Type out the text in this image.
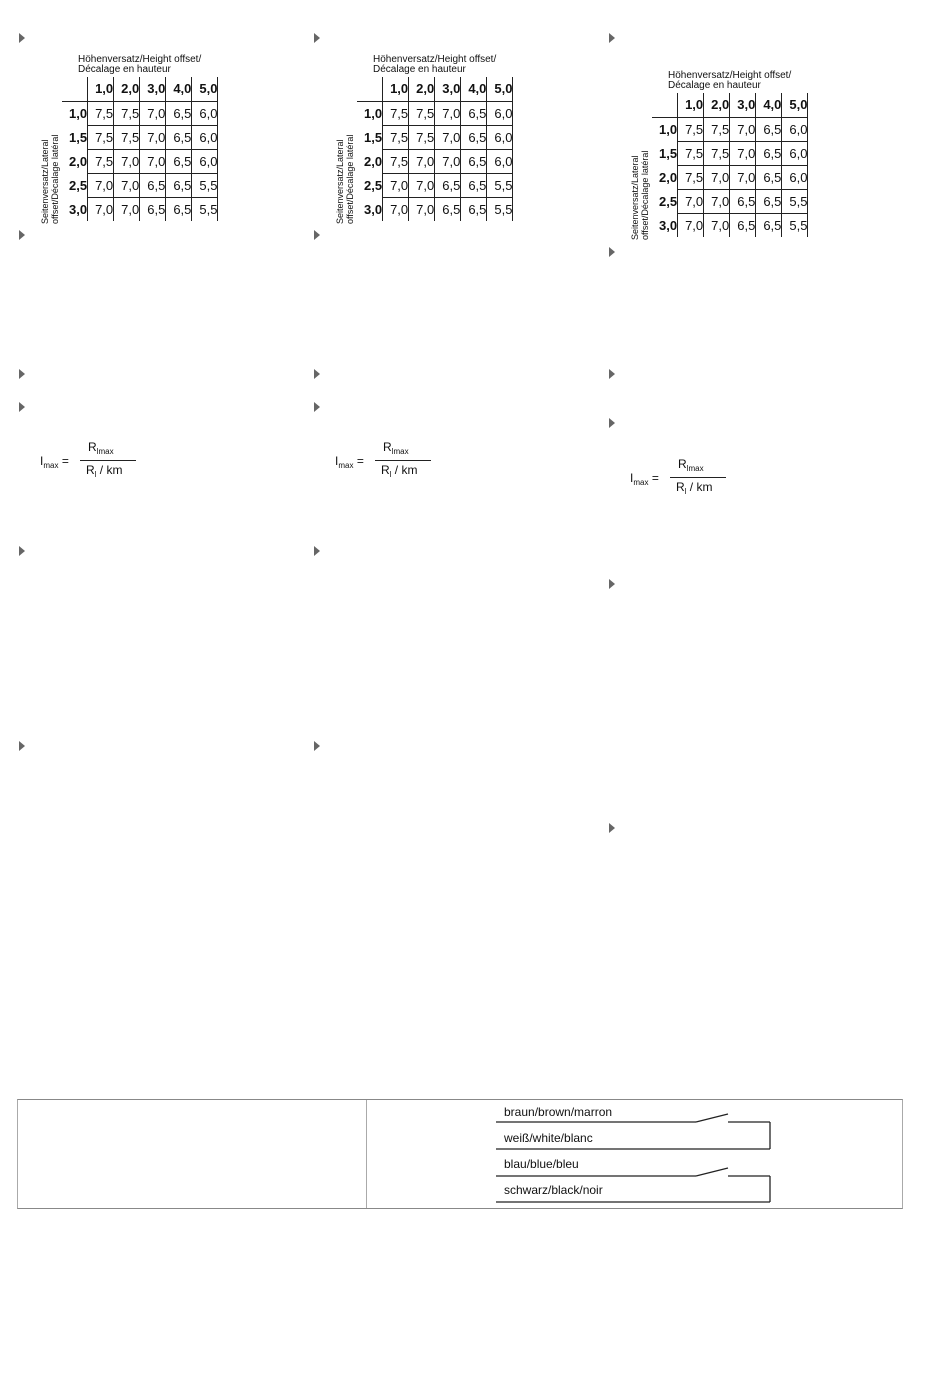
Höhenversatz/Height offset/
Décalage en hauteur
Seitenversatz/Lateral offset/Décalage latéral
	1,0	2,0	3,0	4,0	5,0
1,0	7,5	7,5	7,0	6,5	6,0
1,5	7,5	7,5	7,0	6,5	6,0
2,0	7,5	7,0	7,0	6,5	6,0
2,5	7,0	7,0	6,5	6,5	5,5
3,0	7,0	7,0	6,5	6,5	5,5
$I_{max}$ =
$R_{lmax}$
$R_l$ / km
Höhenversatz/Height offset/
Décalage en hauteur
Seitenversatz/Lateral offset/Décalage latéral
	1,0	2,0	3,0	4,0	5,0
1,0	7,5	7,5	7,0	6,5	6,0
1,5	7,5	7,5	7,0	6,5	6,0
2,0	7,5	7,0	7,0	6,5	6,0
2,5	7,0	7,0	6,5	6,5	5,5
3,0	7,0	7,0	6,5	6,5	5,5
$I_{max}$ =
$R_{lmax}$
$R_l$ / km
Höhenversatz/Height offset/
Décalage en hauteur
Seitenversatz/Lateral offset/Décalage latéral
	1,0	2,0	3,0	4,0	5,0
1,0	7,5	7,5	7,0	6,5	6,0
1,5	7,5	7,5	7,0	6,5	6,0
2,0	7,5	7,0	7,0	6,5	6,0
2,5	7,0	7,0	6,5	6,5	5,5
3,0	7,0	7,0	6,5	6,5	5,5
$I_{max}$ =
$R_{lmax}$
$R_l$ / km
braun/brown/marron
weiß/white/blanc
blau/blue/bleu
schwarz/black/noir
